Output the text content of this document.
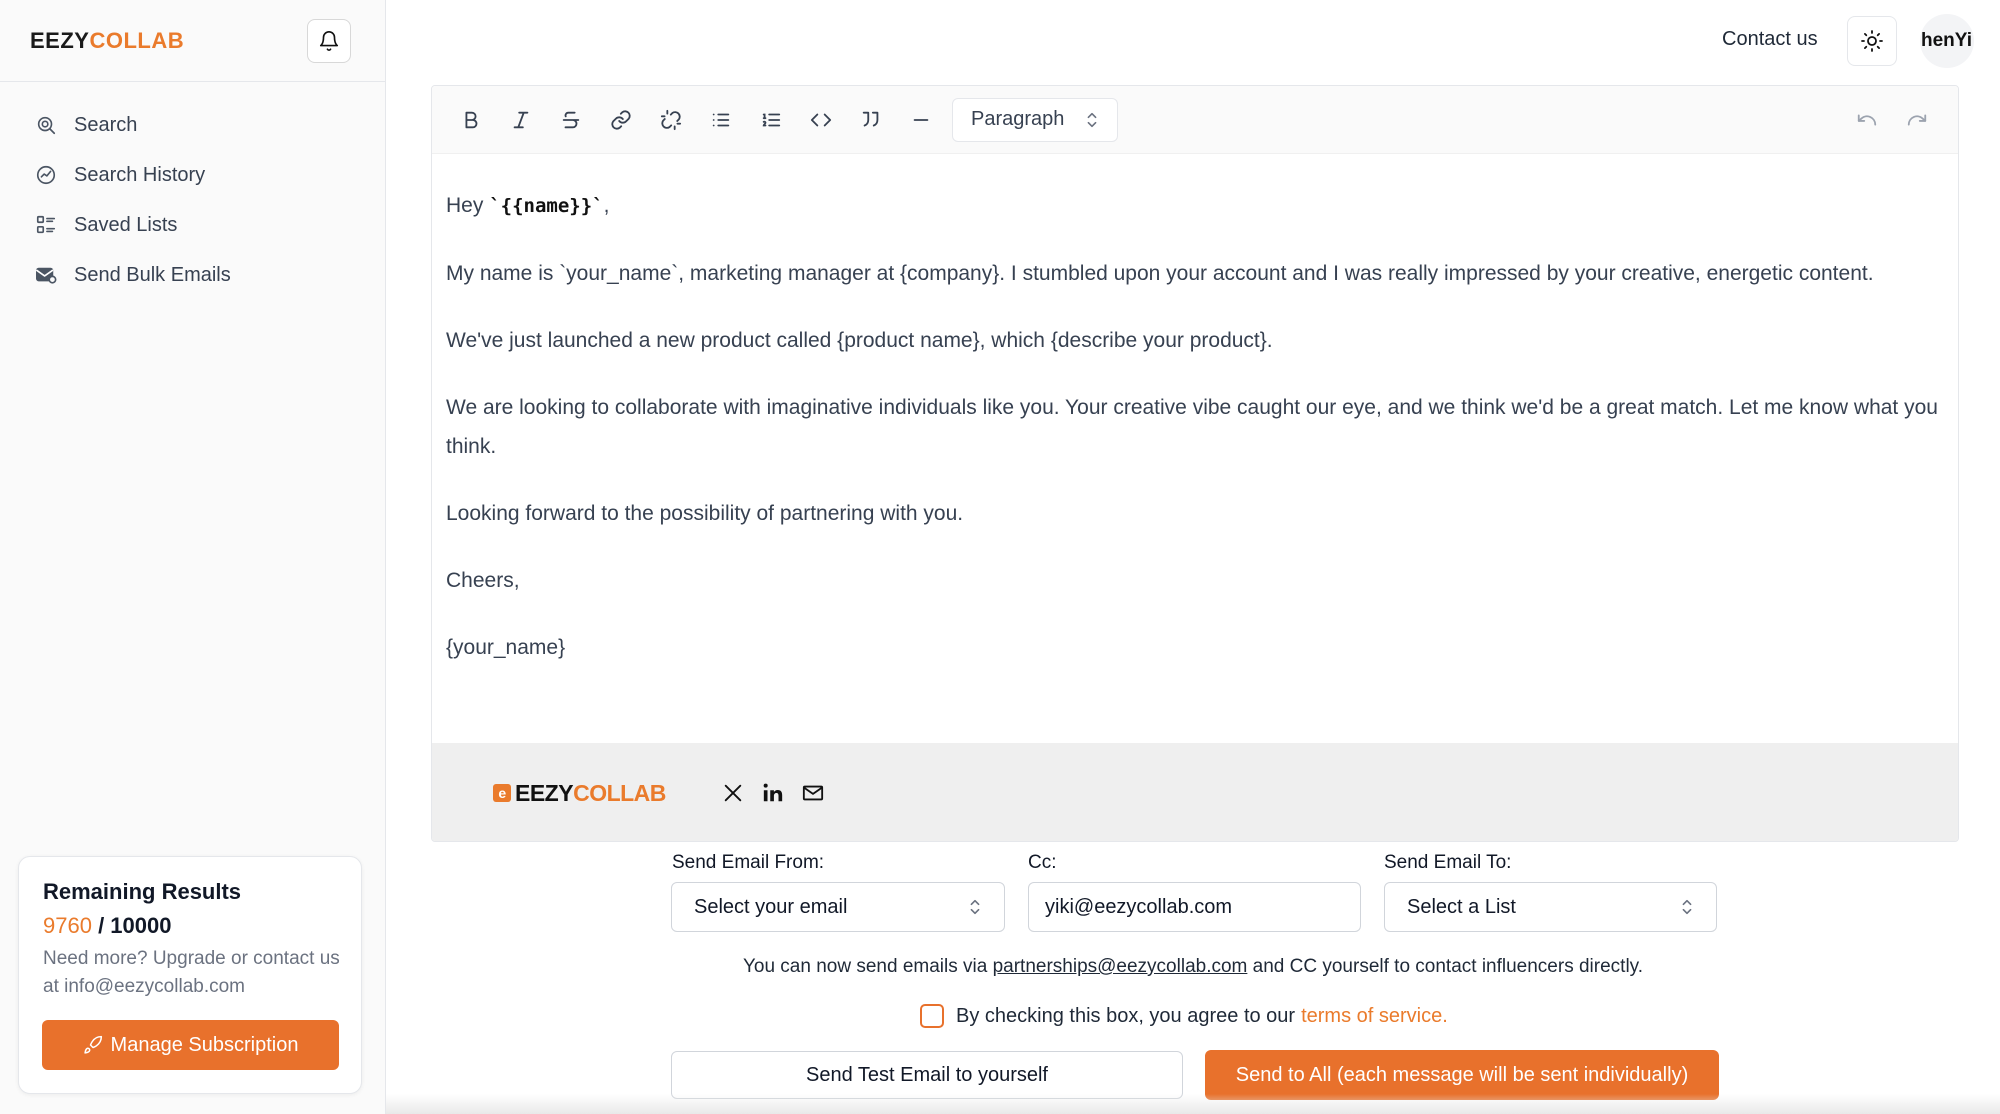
EEZYCOLLAB
Search
Search History
Saved Lists
Send Bulk Emails
Remaining Results
9760 / 10000
Need more? Upgrade or contact us at info@eezycollab.com
Manage Subscription
Contact us	henYi
Paragraph

Hey `{{name}}`,

My name is `your_name`, marketing manager at {company}. I stumbled upon your account and I was really impressed by your creative, energetic content.

We've just launched a new product called {product name}, which {describe your product}.

We are looking to collaborate with imaginative individuals like you. Your creative vibe caught our eye, and we think we'd be a great match. Let me know what you think.

Looking forward to the possibility of partnering with you.

Cheers,

{your_name}

e EEZY COLLAB
Send Email From:
Select your email
Cc:
yiki@eezycollab.com	Send Email To:
Select a List
You can now send emails via partnerships@eezycollab.com and CC yourself to contact influencers directly.
By checking this box, you agree to our terms of service.
Send Test Email to yourself	Send to All (each message will be sent individually)
